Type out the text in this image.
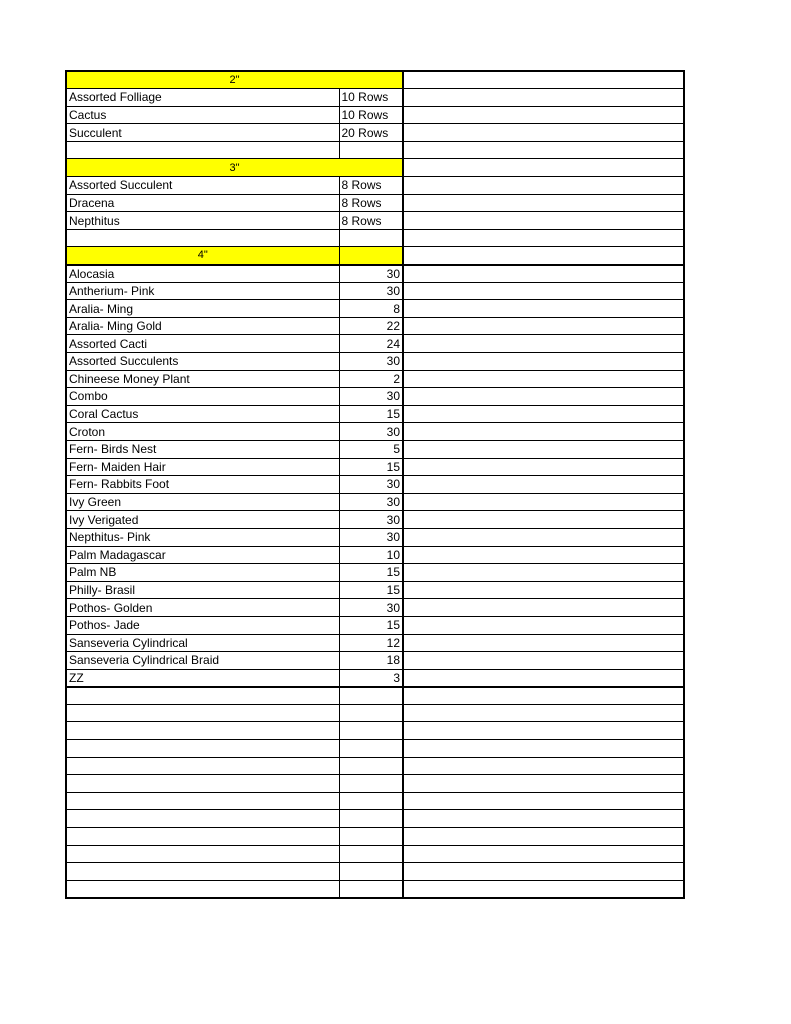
2"		
Assorted Folliage	10 Rows	
Cactus	10 Rows	
Succulent	20 Rows	

3"		
Assorted Succulent	8 Rows	
Dracena	8 Rows	
Nepthitus	8 Rows	

4"		
Alocasia	30	
Antherium- Pink	30	
Aralia- Ming	8	
Aralia- Ming Gold	22	
Assorted Cacti	24	
Assorted Succulents	30	
Chineese Money Plant	2	
Combo	30	
Coral Cactus	15	
Croton	30	
Fern- Birds Nest	5	
Fern- Maiden Hair	15	
Fern- Rabbits Foot	30	
Ivy Green	30	
Ivy Verigated	30	
Nepthitus- Pink	30	
Palm Madagascar	10	
Palm NB	15	
Philly- Brasil	15	
Pothos- Golden	30	
Pothos- Jade	15	
Sanseveria Cylindrical	12	
Sanseveria Cylindrical Braid	18	
ZZ	3	
